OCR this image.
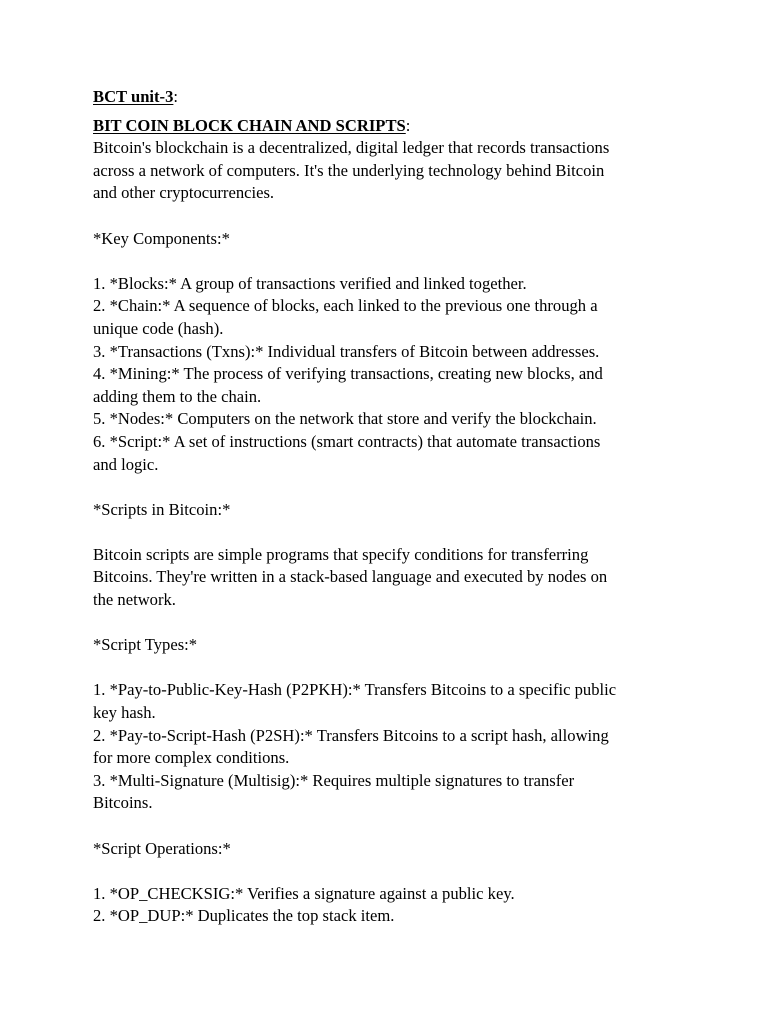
BCT unit-3:
BIT COIN BLOCK CHAIN AND SCRIPTS:
Bitcoin's blockchain is a decentralized, digital ledger that records transactions
across a network of computers. It's the underlying technology behind Bitcoin
and other cryptocurrencies.
*Key Components:*
1. *Blocks:* A group of transactions verified and linked together.
2. *Chain:* A sequence of blocks, each linked to the previous one through a
unique code (hash).
3. *Transactions (Txns):* Individual transfers of Bitcoin between addresses.
4. *Mining:* The process of verifying transactions, creating new blocks, and
adding them to the chain.
5. *Nodes:* Computers on the network that store and verify the blockchain.
6. *Script:* A set of instructions (smart contracts) that automate transactions
and logic.
*Scripts in Bitcoin:*
Bitcoin scripts are simple programs that specify conditions for transferring
Bitcoins. They're written in a stack-based language and executed by nodes on
the network.
*Script Types:*
1. *Pay-to-Public-Key-Hash (P2PKH):* Transfers Bitcoins to a specific public
key hash.
2. *Pay-to-Script-Hash (P2SH):* Transfers Bitcoins to a script hash, allowing
for more complex conditions.
3. *Multi-Signature (Multisig):* Requires multiple signatures to transfer
Bitcoins.
*Script Operations:*
1. *OP_CHECKSIG:* Verifies a signature against a public key.
2. *OP_DUP:* Duplicates the top stack item.
